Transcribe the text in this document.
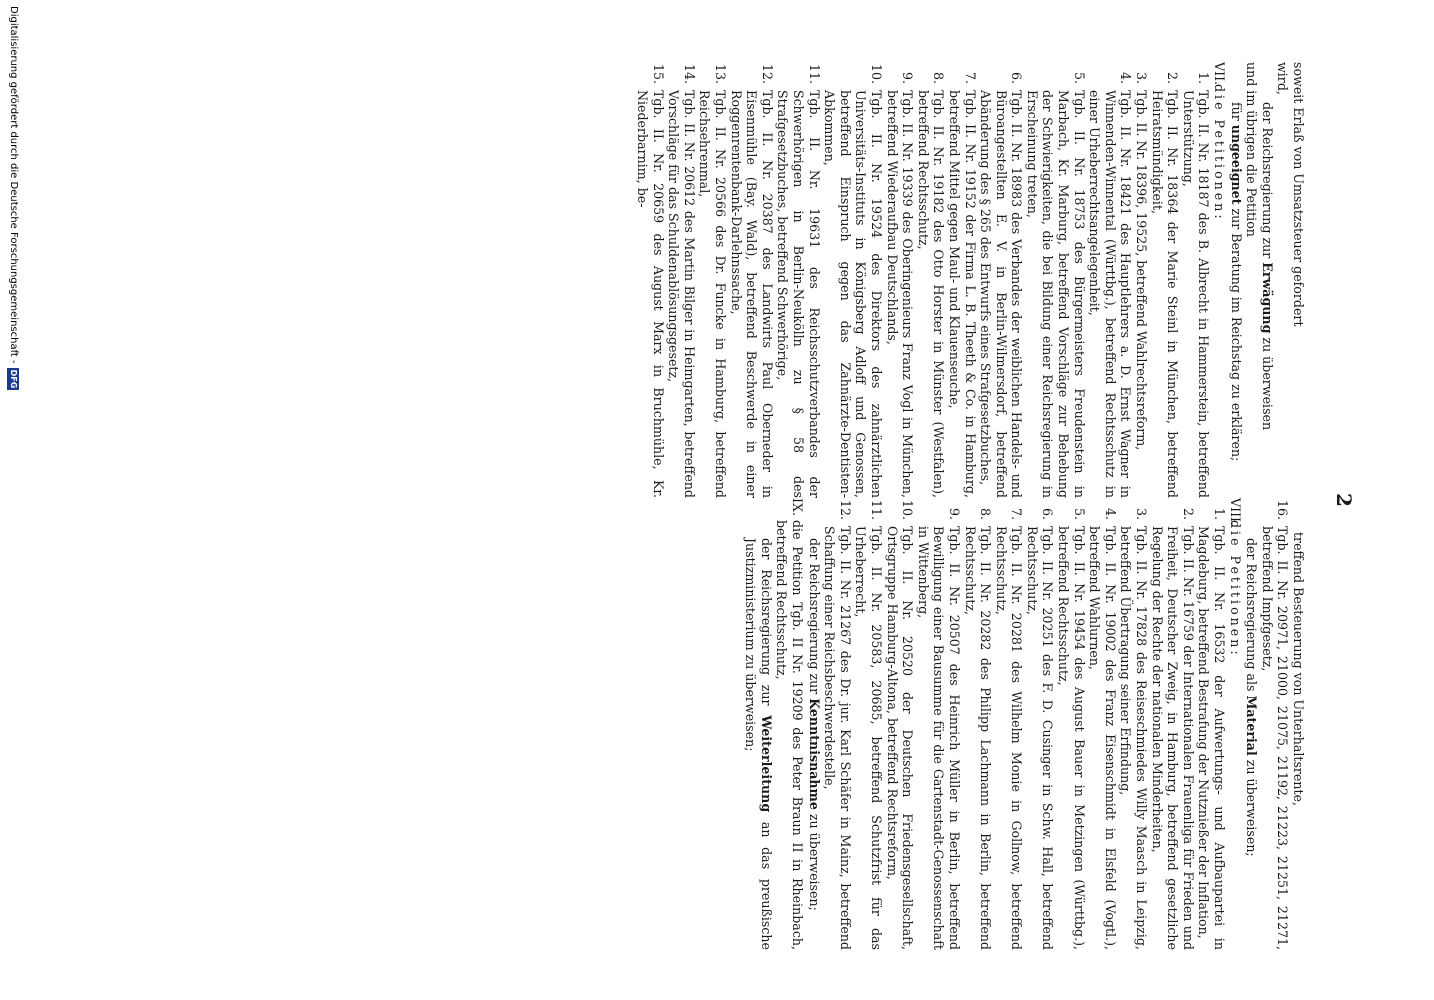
2

soweit Erlaß von Umsatzsteuer gefordert

wird,

der Reichsregierung zur Erwägung zu überweisen

und im übrigen die Petition

für ungeeignet zur Beratung im Reichstag zu erklären;

VII.
die Petitionen:
1.
Tgb. II. Nr. 18187 des B. Albrecht in Hammerstein, betreffend Unterstützung,
2.
Tgb. II. Nr. 18364 der Marie Steinl in München, betreffend Heiratsmündigkeit,
3.
Tgb. II. Nr. 18396, 19525, betreffend Wahlrechtsreform,
4.
Tgb. II. Nr. 18421 des Hauptlehrers a. D. Ernst Wagner in Winnenden-Winnental (Württbg.), betreffend Rechtsschutz in einer Urheberrechtsangelegenheit,
5.
Tgb. II. Nr. 18753 des Bürgermeisters Freudenstein in Marbach, Kr. Marburg, betreffend Vorschläge zur Behebung der Schwierigkeiten, die bei Bildung einer Reichsregierung in Erscheinung treten,
6.
Tgb. II. Nr. 18983 des Verbandes der weiblichen Handels- und Büroangestellten E. V. in Berlin-Wilmersdorf, betreffend Abänderung des § 265 des Entwurfs eines Strafgesetzbuches,
7.
Tgb. II. Nr. 19152 der Firma L. B. Theeth & Co. in Hamburg, betreffend Mittel gegen Maul- und Klauenseuche,
8.
Tgb. II. Nr. 19182 des Otto Horster in Münster (Westfalen), betreffend Rechtsschutz,
9.
Tgb. II. Nr. 19339 des Oberingenieurs Franz Vogl in München, betreffend Wiederaufbau Deutschlands,
10.
Tgb. II. Nr. 19524 des Direktors des zahnärztlichen Universitäts-Instituts in Königsberg Adloff und Genossen, betreffend Einspruch gegen das Zahnärzte-Dentisten-Abkommen,
11.
Tgb. II. Nr. 19631 des Reichsschutzverbandes der Schwerhörigen in Berlin-Neukölln zu § 58 des Strafgesetzbuches, betreffend Schwerhörige,
12.
Tgb. II. Nr. 20387 des Landwirts Paul Oberneder in Eisenmühle (Bay. Wald), betreffend Beschwerde in einer Roggenrentenbank-Darlehnssache,
13.
Tgb. II. Nr. 20566 des Dr. Funcke in Hamburg, betreffend Reichsehrenmal,
14.
Tgb. II. Nr. 20612 des Martin Bilger in Heimgarten, betreffend Vorschläge für das Schuldenablösungsgesetz,
15.
Tgb. II. Nr. 20659 des August Marx in Bruchmühle, Kr. Niederbarnim, be-

treffend Besteuerung von Unterhaltsrente,

16.
Tgb. II. Nr. 20971, 21000, 21075, 21192, 21223, 21251, 21271, betreffend Impfgesetz,

der Reichsregierung als Material zu überweisen;

VIII.
die Petitionen:
1.
Tgb. II. Nr. 16532 der Aufwertungs- und Aufbaupartei in Magdeburg, betreffend Bestrafung der Nutznießer der Inflation,
2.
Tgb. II. Nr. 16759 der Internationalen Frauenliga für Frieden und Freiheit, Deutscher Zweig, in Hamburg, betreffend gesetzliche Regelung der Rechte der nationalen Minderheiten,
3.
Tgb. II. Nr. 17828 des Reiseschmiedes Willy Maasch in Leipzig, betreffend Übertragung seiner Erfindung,
4.
Tgb. II. Nr. 19002 des Franz Eisenschmidt in Elsfeld (Vogtl.), betreffend Wahlurnen,
5.
Tgb. II. Nr. 19454 des August Bauer in Metzingen (Württbg.), betreffend Rechtsschutz,
6.
Tgb. II. Nr. 20251 des F. D. Cusinger in Schw. Hall, betreffend Rechtsschutz,
7.
Tgb. II. Nr. 20281 des Wilhelm Monie in Gollnow, betreffend Rechtsschutz,
8.
Tgb. II. Nr. 20282 des Philipp Lachmann in Berlin, betreffend Rechtsschutz,
9.
Tgb. II. Nr. 20507 des Heinrich Müller in Berlin, betreffend Bewilligung einer Bausumme für die Gartenstadt-Genossenschaft in Wittenberg,
10.
Tgb. II. Nr. 20520 der Deutschen Friedensgesellschaft, Ortsgruppe Hamburg-Altona, betreffend Rechtsreform,
11.
Tgb. II. Nr. 20583, 20685, betreffend Schutzfrist für das Urheberrecht,
12.
Tgb. II. Nr. 21267 des Dr. jur. Karl Schäfer in Mainz, betreffend Schaffung einer Reichsbeschwerdestelle,

der Reichsregierung zur Kenntnisnahme zu überweisen;

IX.
die Petition Tgb. II Nr. 19209 des Peter Braun II in Rheinbach, betreffend Rechtsschutz,

der Reichsregierung zur Weiterleitung an das preußische Justizministerium zu überweisen;

Digitalisierung gefördert durch die Deutsche Forschungsgemeinschaft -
DFG
